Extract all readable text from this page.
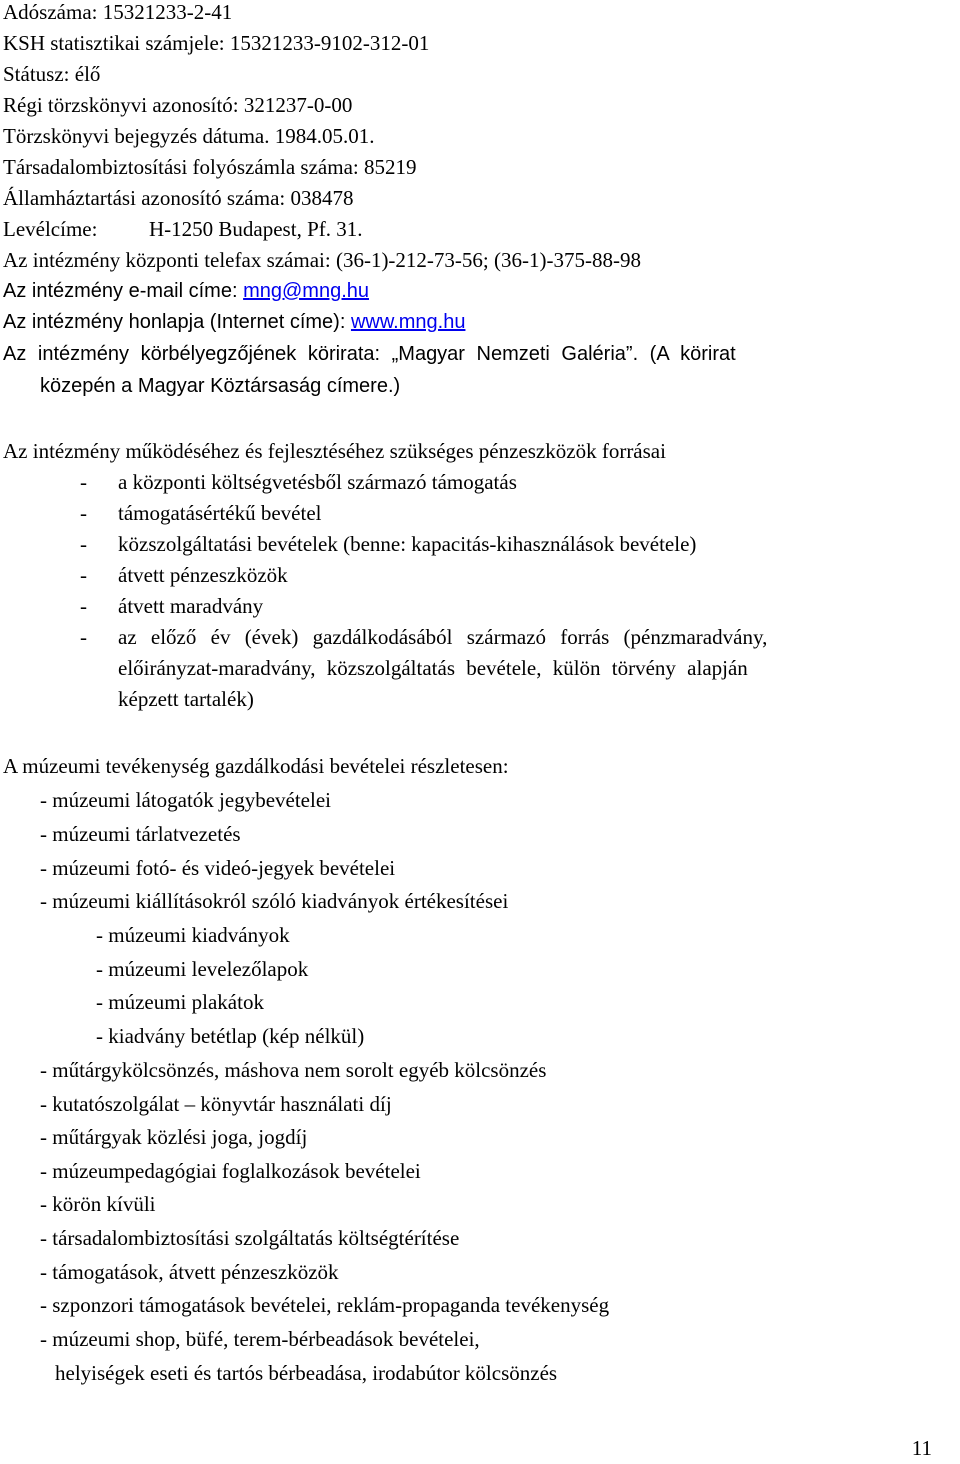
Adószáma: 15321233-2-41
KSH statisztikai számjele: 15321233-9102-312-01
Státusz: élő
Régi törzskönyvi azonosító: 321237-0-00
Törzskönyvi bejegyzés dátuma. 1984.05.01.
Társadalombiztosítási folyószámla száma: 85219
Államháztartási azonosító száma: 038478
Levélcíme: H-1250 Budapest, Pf. 31.
Az intézmény központi telefax számai: (36-1)-212-73-56; (36-1)-375-88-98
Az intézmény e-mail címe: mng@mng.hu
Az intézmény honlapja (Internet címe): www.mng.hu
Az intézmény körbélyegzőjének körirata: „Magyar Nemzeti Galéria”. (A körirat
közepén a Magyar Köztársaság címere.)
Az intézmény működéséhez és fejlesztéséhez szükséges pénzeszközök forrásai
- a központi költségvetésből származó támogatás
- támogatásértékű bevétel
- közszolgáltatási bevételek (benne: kapacitás-kihasználások bevétele)
- átvett pénzeszközök
- átvett maradvány
- az előző év (évek) gazdálkodásából származó forrás (pénzmaradvány,
előirányzat-maradvány, közszolgáltatás bevétele, külön törvény alapján
képzett tartalék)
A múzeumi tevékenység gazdálkodási bevételei részletesen:
- múzeumi látogatók jegybevételei
- múzeumi tárlatvezetés
- múzeumi fotó- és videó-jegyek bevételei
- múzeumi kiállításokról szóló kiadványok értékesítései
- múzeumi kiadványok
- múzeumi levelezőlapok
- múzeumi plakátok
- kiadvány betétlap (kép nélkül)
- műtárgykölcsönzés, máshova nem sorolt egyéb kölcsönzés
- kutatószolgálat – könyvtár használati díj
- műtárgyak közlési joga, jogdíj
- múzeumpedagógiai foglalkozások bevételei
- körön kívüli
- társadalombiztosítási szolgáltatás költségtérítése
- támogatások, átvett pénzeszközök
- szponzori támogatások bevételei, reklám-propaganda tevékenység
- múzeumi shop, büfé, terem-bérbeadások bevételei,
helyiségek eseti és tartós bérbeadása, irodabútor kölcsönzés
11
